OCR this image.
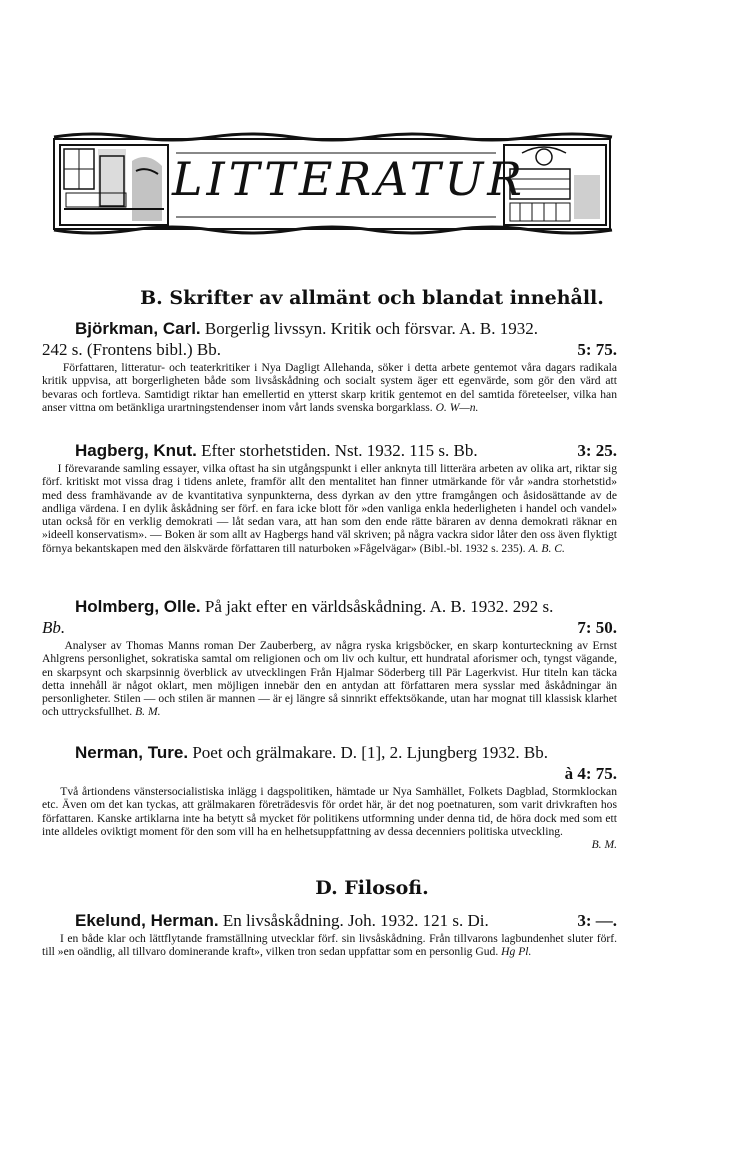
LITTERATUR
B. Skrifter av allmänt och blandat innehåll.
Björkman, Carl. Borgerlig livssyn. Kritik och försvar. A. B. 1932.
242 s. (Frontens bibl.) Bb.	5: 75.

Författaren, litteratur- och teaterkritiker i Nya Dagligt Allehanda, söker i detta arbete gentemot våra dagars radikala kritik uppvisa, att borgerligheten både som livsåskådning och socialt system äger ett egenvärde, som gör den värd att bevaras och fortleva. Samtidigt riktar han emellertid en ytterst skarp kritik gentemot en del samtida företeelser, vilka han anser vittna om betänkliga urartningstendenser inom vårt lands svenska borgarklass. O. W—n.

Hagberg, Knut. Efter storhetstiden. Nst. 1932. 115 s. Bb.	3: 25.

I förevarande samling essayer, vilka oftast ha sin utgångspunkt i eller anknyta till litterära arbeten av olika art, riktar sig förf. kritiskt mot vissa drag i tidens anlete, framför allt den mentalitet han finner utmärkande för vår »andra storhetstid» med dess framhävande av de kvantitativa synpunkterna, dess dyrkan av den yttre framgången och åsidosättande av de andliga värdena. I en dylik åskådning ser förf. en fara icke blott för »den vanliga enkla hederligheten i handel och vandel» utan också för en verklig demokrati — låt sedan vara, att han som den ende rätte bäraren av denna demokrati räknar en »ideell konservatism». — Boken är som allt av Hagbergs hand väl skriven; på några vackra sidor låter den oss även flyktigt förnya bekantskapen med den älskvärde författaren till naturboken »Fågelvägar» (Bibl.-bl. 1932 s. 235). A. B. C.

Holmberg, Olle. På jakt efter en världsåskådning. A. B. 1932. 292 s.
Bb.	7: 50.

Analyser av Thomas Manns roman Der Zauberberg, av några ryska krigsböcker, en skarp konturteckning av Ernst Ahlgrens personlighet, sokratiska samtal om religionen och om liv och kultur, ett hundratal aforismer och, tyngst vägande, en skarpsynt och skarpsinnig överblick av utvecklingen Från Hjalmar Söderberg till Pär Lagerkvist. Hur titeln kan täcka detta innehåll är något oklart, men möjligen innebär den en antydan att författaren mera sysslar med åskådningar än personligheter. Stilen — och stilen är mannen — är ej längre så sinnrikt effektsökande, utan har mognat till klassisk klarhet och uttrycksfullhet. B. M.

Nerman, Ture. Poet och grälmakare. D. [1], 2. Ljungberg 1932. Bb.
à 4: 75.

Två årtiondens vänstersocialistiska inlägg i dagspolitiken, hämtade ur Nya Samhället, Folkets Dagblad, Stormklockan etc. Även om det kan tyckas, att grälmakaren företrädesvis för ordet här, är det nog poetnaturen, som varit drivkraften hos författaren. Kanske artiklarna inte ha betytt så mycket för politikens utformning under denna tid, de höra dock med som ett inte alldeles oviktigt moment för den som vill ha en helhetsuppfattning av dessa decenniers politiska utveckling.

B. M.

D. Filosofi.
Ekelund, Herman. En livsåskådning. Joh. 1932. 121 s. Di.	3: —.

I en både klar och lättflytande framställning utvecklar förf. sin livsåskådning. Från tillvarons lagbundenhet sluter förf. till »en oändlig, all tillvaro dominerande kraft», vilken tron sedan uppfattar som en personlig Gud. Hg Pl.
